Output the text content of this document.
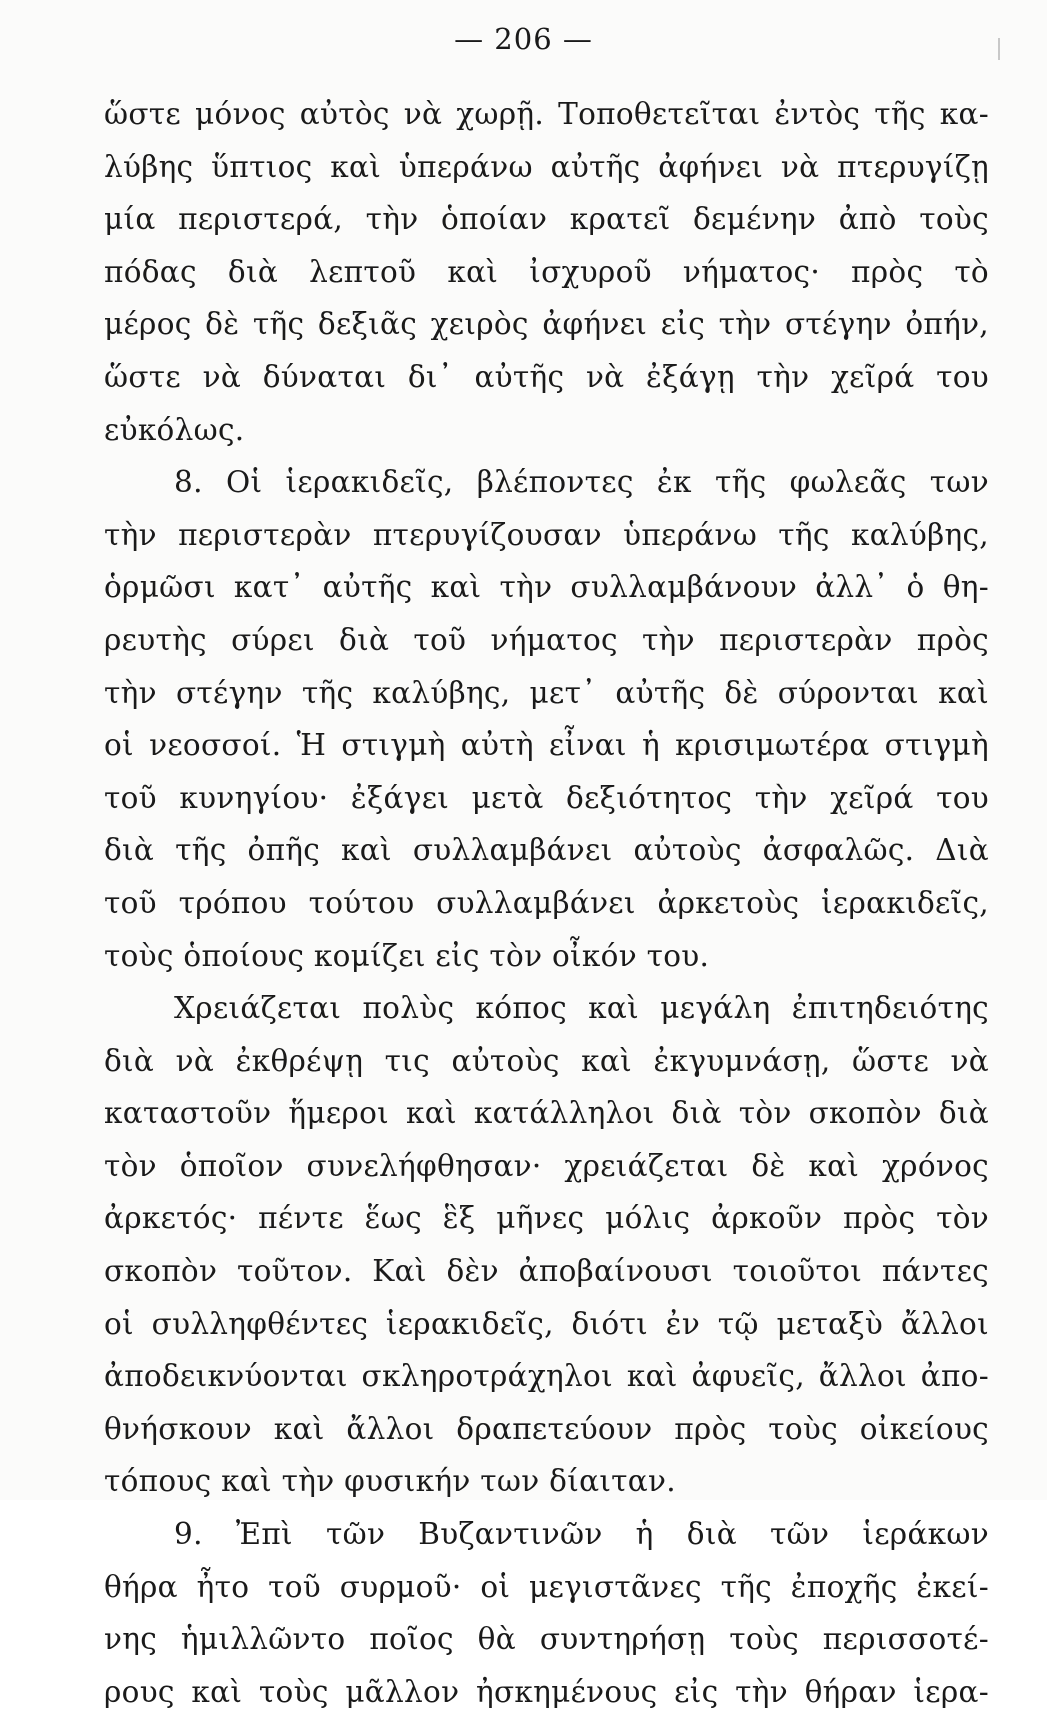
— 206 —
ὥστε μόνος αὐτὸς νὰ χωρῇ. Τοποθετεῖται ἐντὸς τῆς κα-
λύβης ὕπτιος καὶ ὑπεράνω αὐτῆς ἀφήνει νὰ πτερυγίζῃ
μία περιστερά, τὴν ὁποίαν κρατεῖ δεμένην ἀπὸ τοὺς
πόδας διὰ λεπτοῦ καὶ ἰσχυροῦ νήματος· πρὸς τὸ
μέρος δὲ τῆς δεξιᾶς χειρὸς ἀφήνει εἰς τὴν στέγην ὀπήν,
ὥστε νὰ δύναται δι᾽ αὐτῆς νὰ ἐξάγῃ τὴν χεῖρά του
εὐκόλως.
8. Οἱ ἱερακιδεῖς, βλέποντες ἐκ τῆς φωλεᾶς των
τὴν περιστερὰν πτερυγίζουσαν ὑπεράνω τῆς καλύβης,
ὁρμῶσι κατ᾽ αὐτῆς καὶ τὴν συλλαμβάνουν ἀλλ᾽ ὁ θη-
ρευτὴς σύρει διὰ τοῦ νήματος τὴν περιστερὰν πρὸς
τὴν στέγην τῆς καλύβης, μετ᾽ αὐτῆς δὲ σύρονται καὶ
οἱ νεοσσοί. Ἡ στιγμὴ αὐτὴ εἶναι ἡ κρισιμωτέρα στιγμὴ
τοῦ κυνηγίου· ἐξάγει μετὰ δεξιότητος τὴν χεῖρά του
διὰ τῆς ὀπῆς καὶ συλλαμβάνει αὐτοὺς ἀσφαλῶς. Διὰ
τοῦ τρόπου τούτου συλλαμβάνει ἀρκετοὺς ἱερακιδεῖς,
τοὺς ὁποίους κομίζει εἰς τὸν οἶκόν του.
Χρειάζεται πολὺς κόπος καὶ μεγάλη ἐπιτηδειότης
διὰ νὰ ἐκθρέψῃ τις αὐτοὺς καὶ ἐκγυμνάσῃ, ὥστε νὰ
καταστοῦν ἥμεροι καὶ κατάλληλοι διὰ τὸν σκοπὸν διὰ
τὸν ὁποῖον συνελήφθησαν· χρειάζεται δὲ καὶ χρόνος
ἀρκετός· πέντε ἕως ἓξ μῆνες μόλις ἀρκοῦν πρὸς τὸν
σκοπὸν τοῦτον. Καὶ δὲν ἀποβαίνουσι τοιοῦτοι πάντες
οἱ συλληφθέντες ἱερακιδεῖς, διότι ἐν τῷ μεταξὺ ἄλλοι
ἀποδεικνύονται σκληροτράχηλοι καὶ ἀφυεῖς, ἄλλοι ἀπο-
θνήσκουν καὶ ἄλλοι δραπετεύουν πρὸς τοὺς οἰκείους
τόπους καὶ τὴν φυσικήν των δίαιταν.
9. Ἐπὶ τῶν Βυζαντινῶν ἡ διὰ τῶν ἱεράκων
θήρα ἦτο τοῦ συρμοῦ· οἱ μεγιστᾶνες τῆς ἐποχῆς ἐκεί-
νης ἡμιλλῶντο ποῖος θὰ συντηρήσῃ τοὺς περισσοτέ-
ρους καὶ τοὺς μᾶλλον ἠσκημένους εἰς τὴν θήραν ἱερα-
